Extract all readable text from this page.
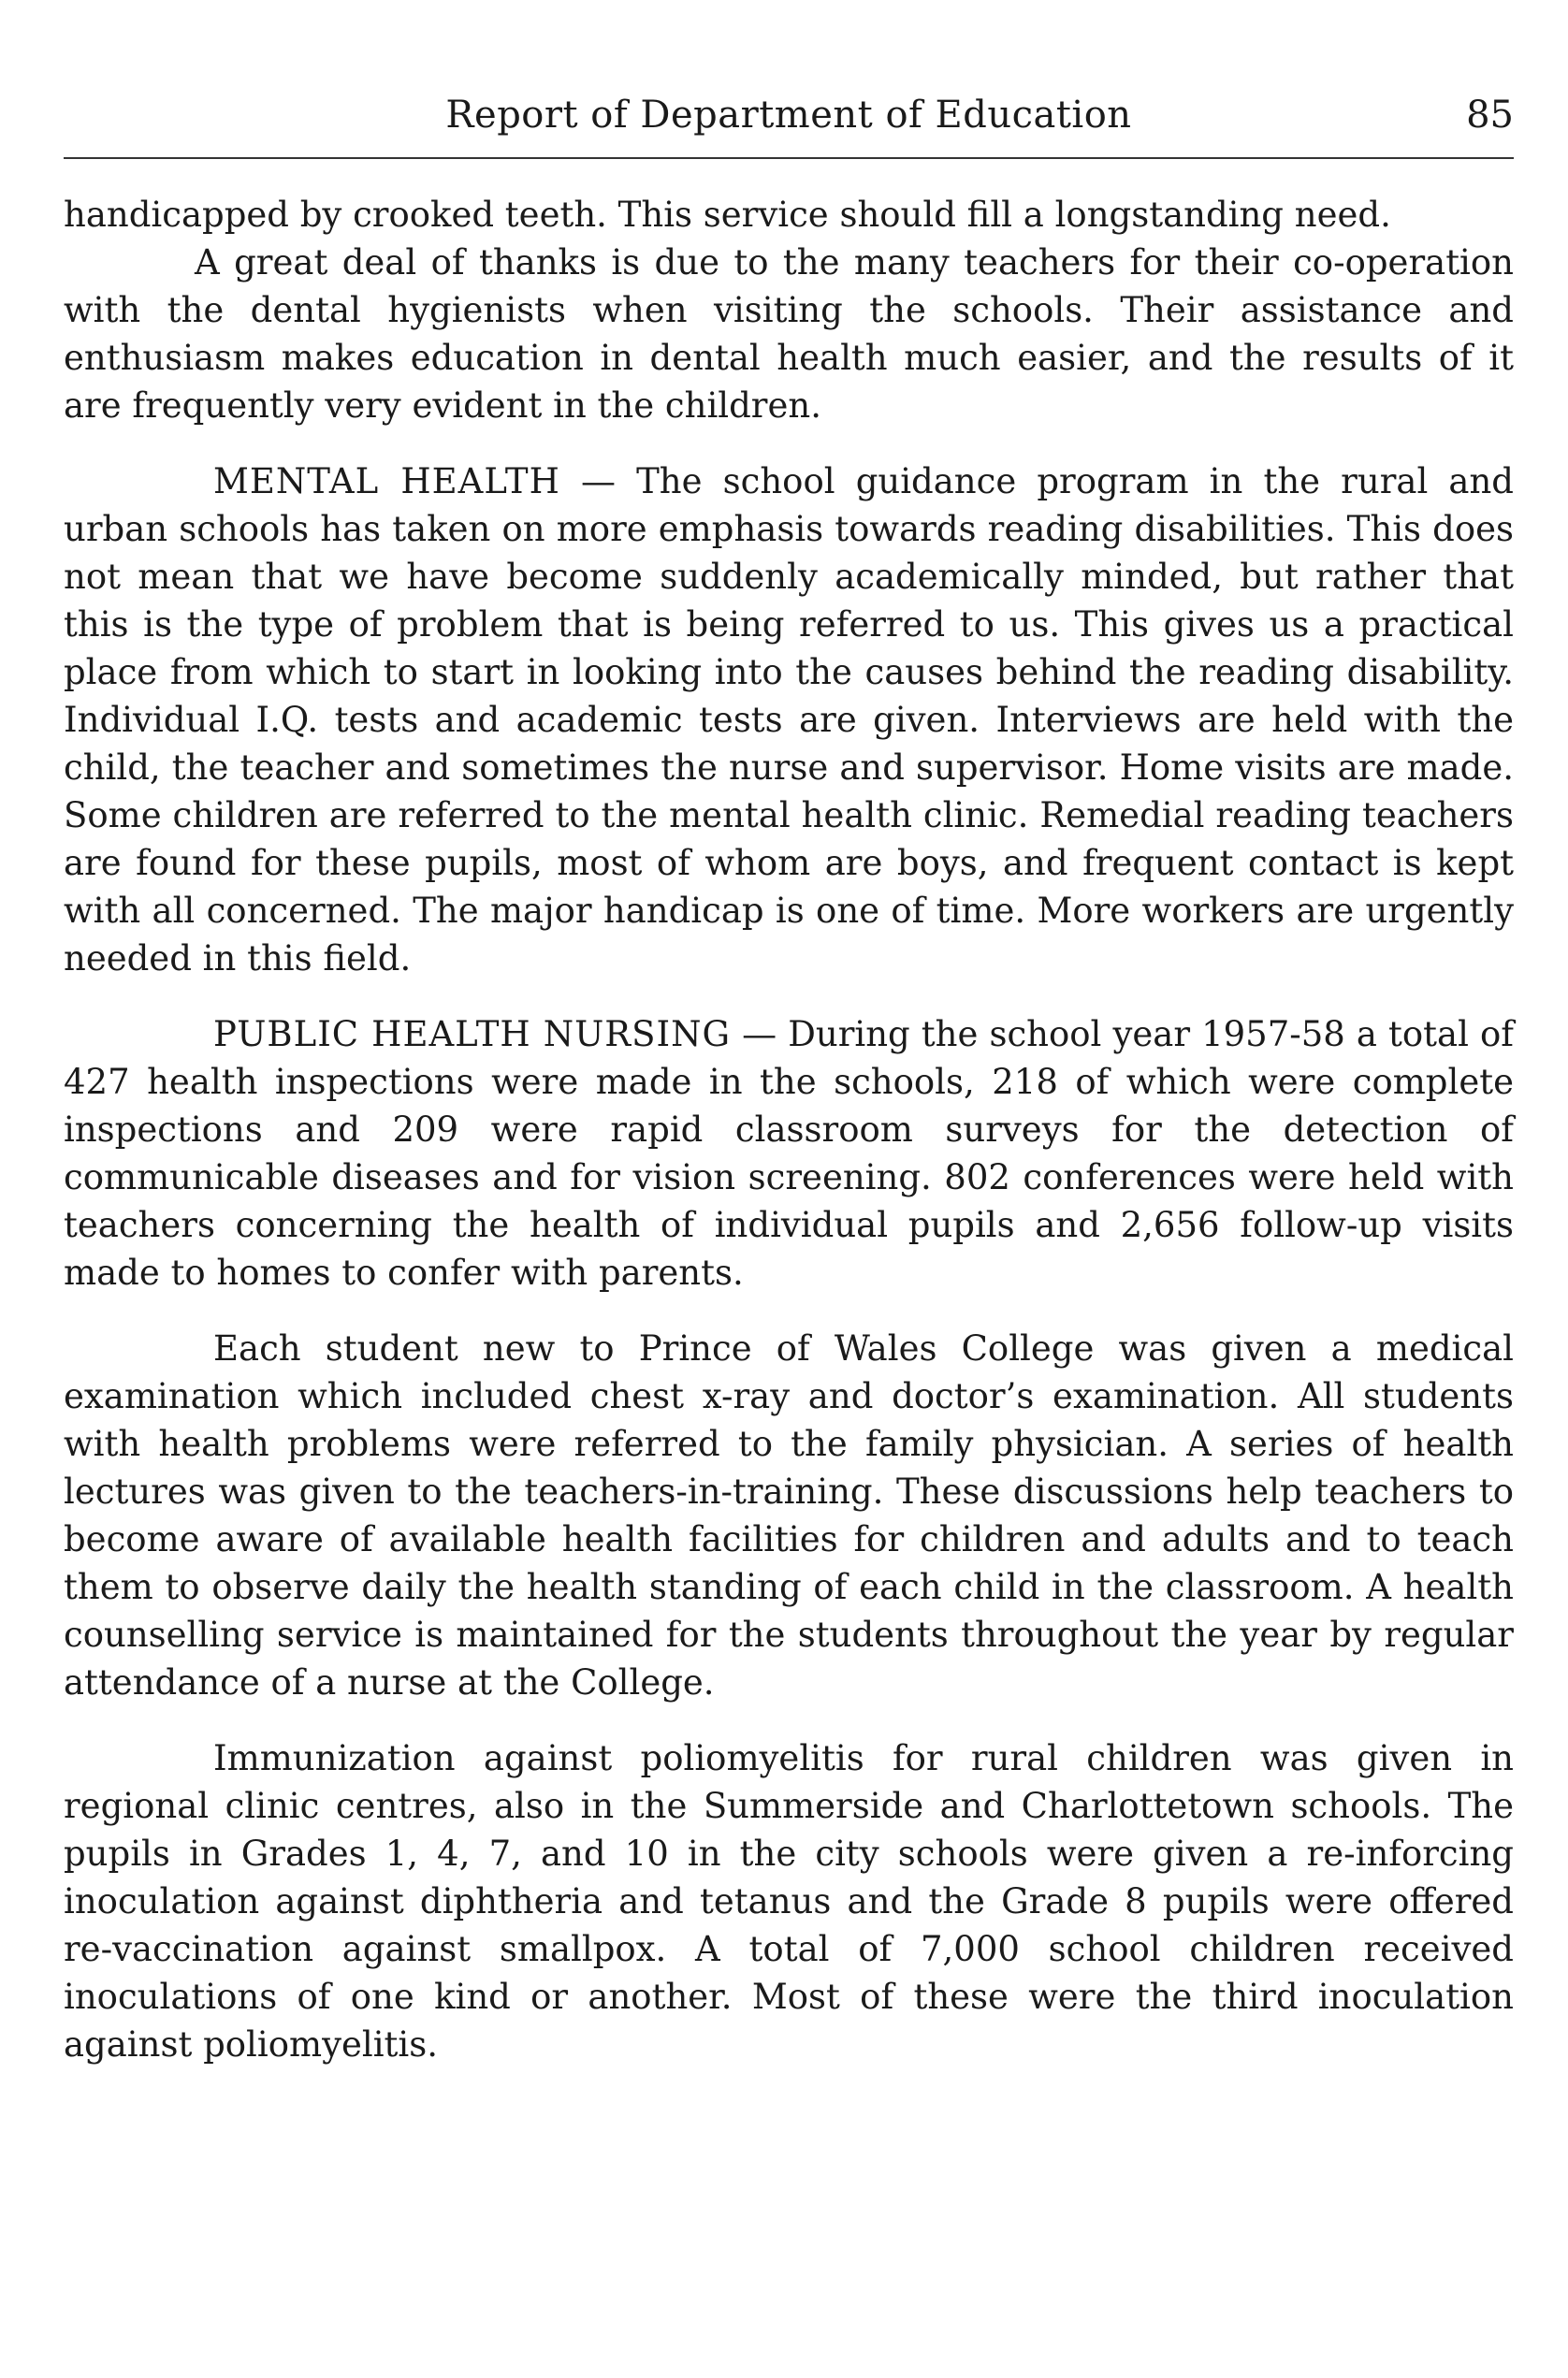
Report of Department of Education	85

handicapped by crooked teeth. This service should fill a longstanding need.

A great deal of thanks is due to the many teachers for their co-operation with the dental hygienists when visiting the schools. Their assistance and enthusiasm makes education in dental health much easier, and the results of it are frequently very evident in the children.

MENTAL HEALTH — The school guidance program in the rural and urban schools has taken on more emphasis towards reading disabilities. This does not mean that we have become suddenly academically minded, but rather that this is the type of problem that is being referred to us. This gives us a practical place from which to start in looking into the causes behind the reading disability. Individual I.Q. tests and academic tests are given. Interviews are held with the child, the teacher and sometimes the nurse and supervisor. Home visits are made. Some children are referred to the mental health clinic. Remedial reading teachers are found for these pupils, most of whom are boys, and frequent contact is kept with all concerned. The major handicap is one of time. More workers are urgently needed in this field.

PUBLIC HEALTH NURSING — During the school year 1957-58 a total of 427 health inspections were made in the schools, 218 of which were complete inspections and 209 were rapid classroom surveys for the detection of communicable diseases and for vision screening. 802 conferences were held with teachers concerning the health of individual pupils and 2,656 follow-up visits made to homes to confer with parents.

Each student new to Prince of Wales College was given a medical examination which included chest x-ray and doctor’s examination. All students with health problems were referred to the family physician. A series of health lectures was given to the teachers-in-training. These discussions help teachers to become aware of available health facilities for children and adults and to teach them to observe daily the health standing of each child in the classroom. A health counselling service is maintained for the students throughout the year by regular attendance of a nurse at the College.

Immunization against poliomyelitis for rural children was given in regional clinic centres, also in the Summerside and Charlottetown schools. The pupils in Grades 1, 4, 7, and 10 in the city schools were given a re-inforcing inoculation against diphtheria and tetanus and the Grade 8 pupils were offered re-vaccination against smallpox. A total of 7,000 school children received inoculations of one kind or another. Most of these were the third inoculation against poliomyelitis.
